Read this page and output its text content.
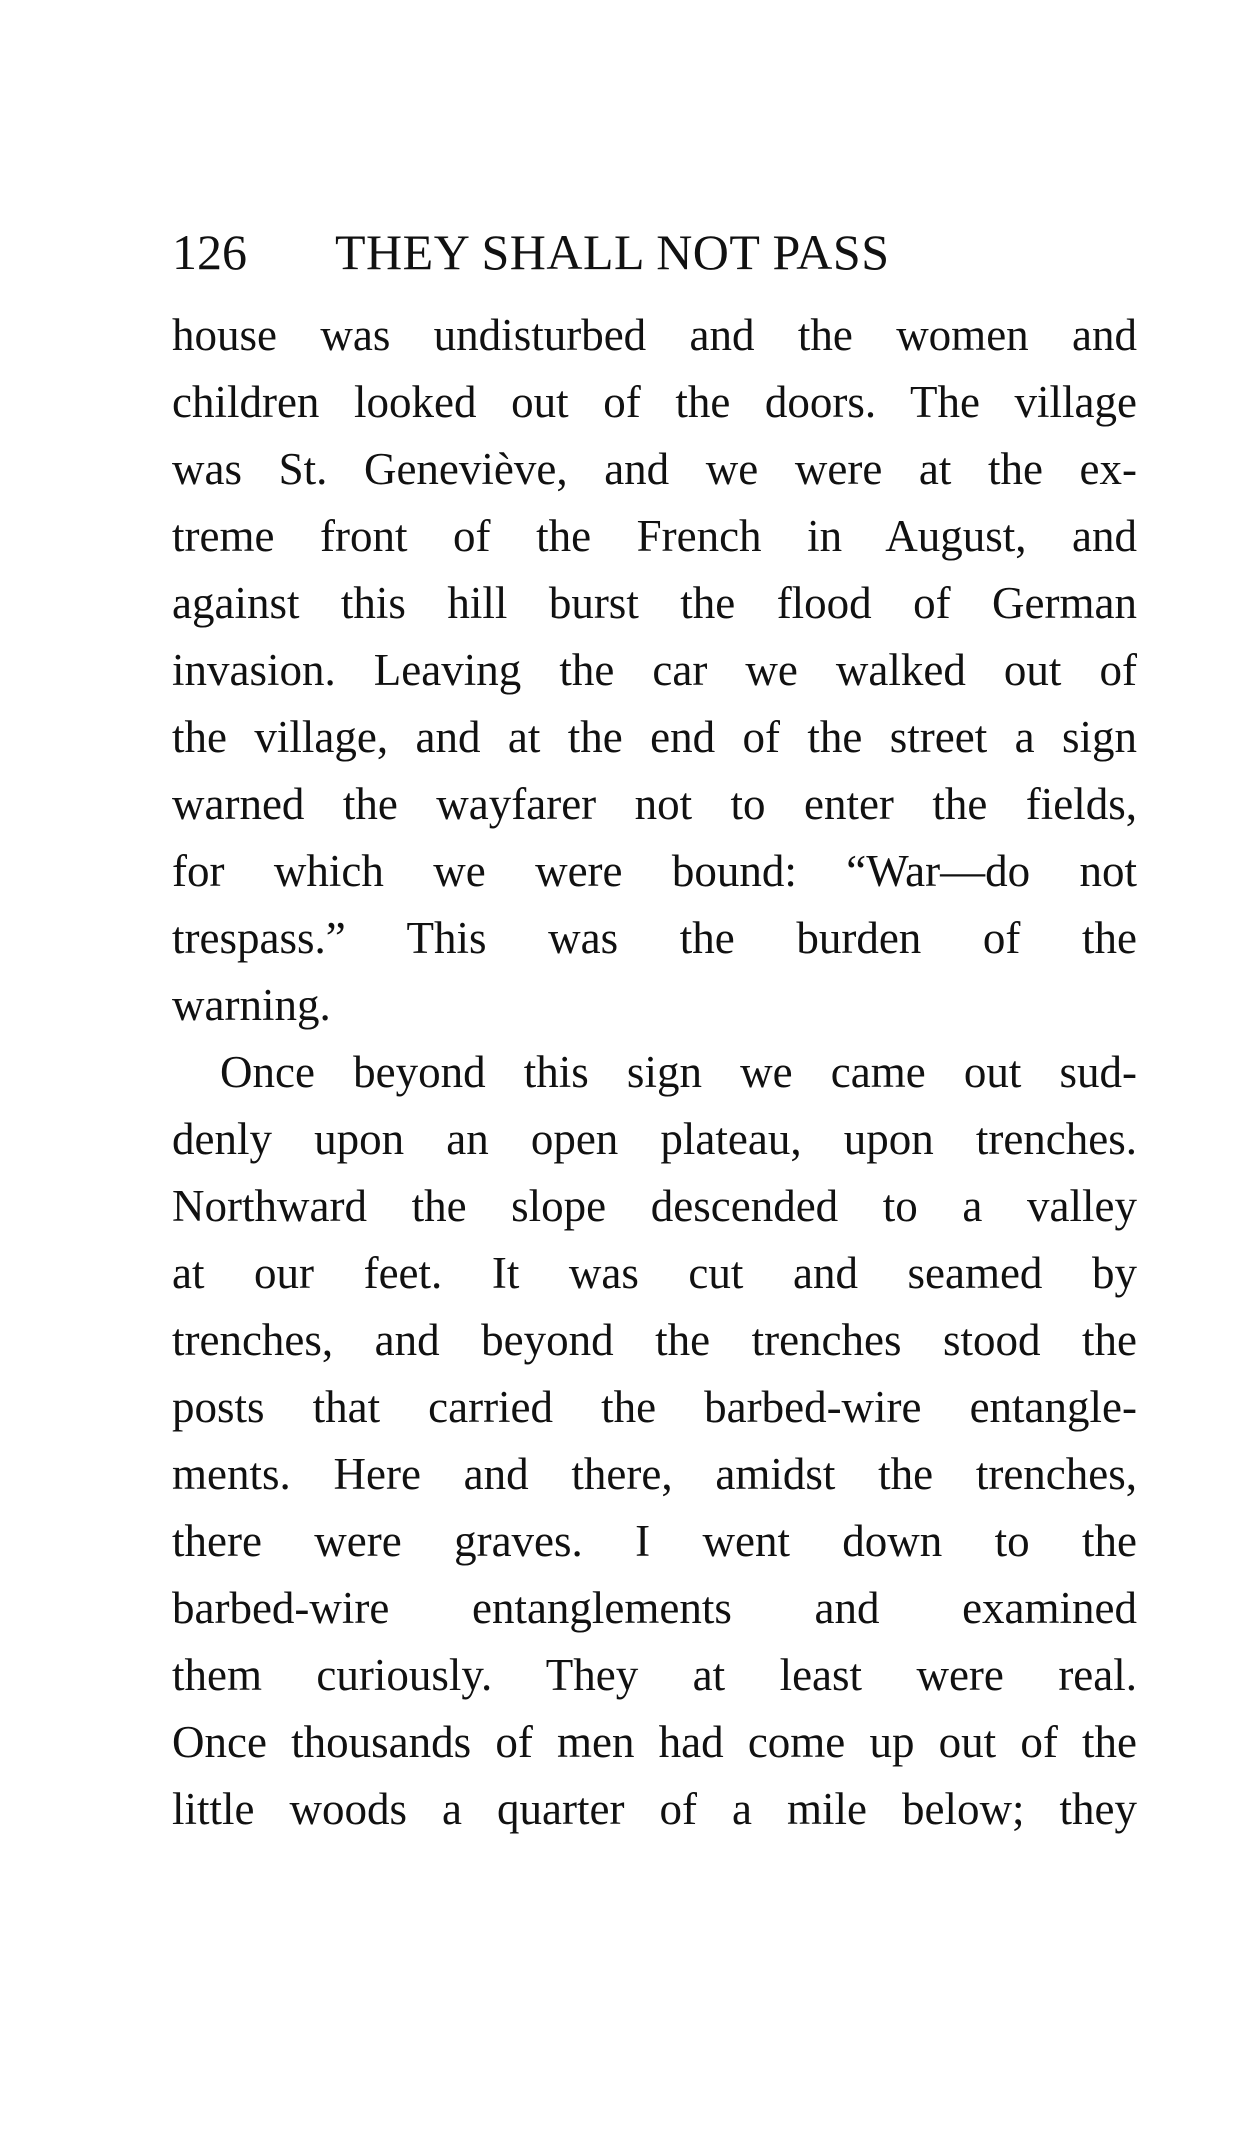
126 THEY SHALL NOT PASS
house was undisturbed and the women and
children looked out of the doors. The village
was St. Geneviève, and we were at the ex-
treme front of the French in August, and
against this hill burst the flood of German
invasion. Leaving the car we walked out of
the village, and at the end of the street a sign
warned the wayfarer not to enter the fields,
for which we were bound: “War—do not
trespass.” This was the burden of the
warning.
Once beyond this sign we came out sud-
denly upon an open plateau, upon trenches.
Northward the slope descended to a valley
at our feet. It was cut and seamed by
trenches, and beyond the trenches stood the
posts that carried the barbed-wire entangle-
ments. Here and there, amidst the trenches,
there were graves. I went down to the
barbed-wire entanglements and examined
them curiously. They at least were real.
Once thousands of men had come up out of the
little woods a quarter of a mile below; they
